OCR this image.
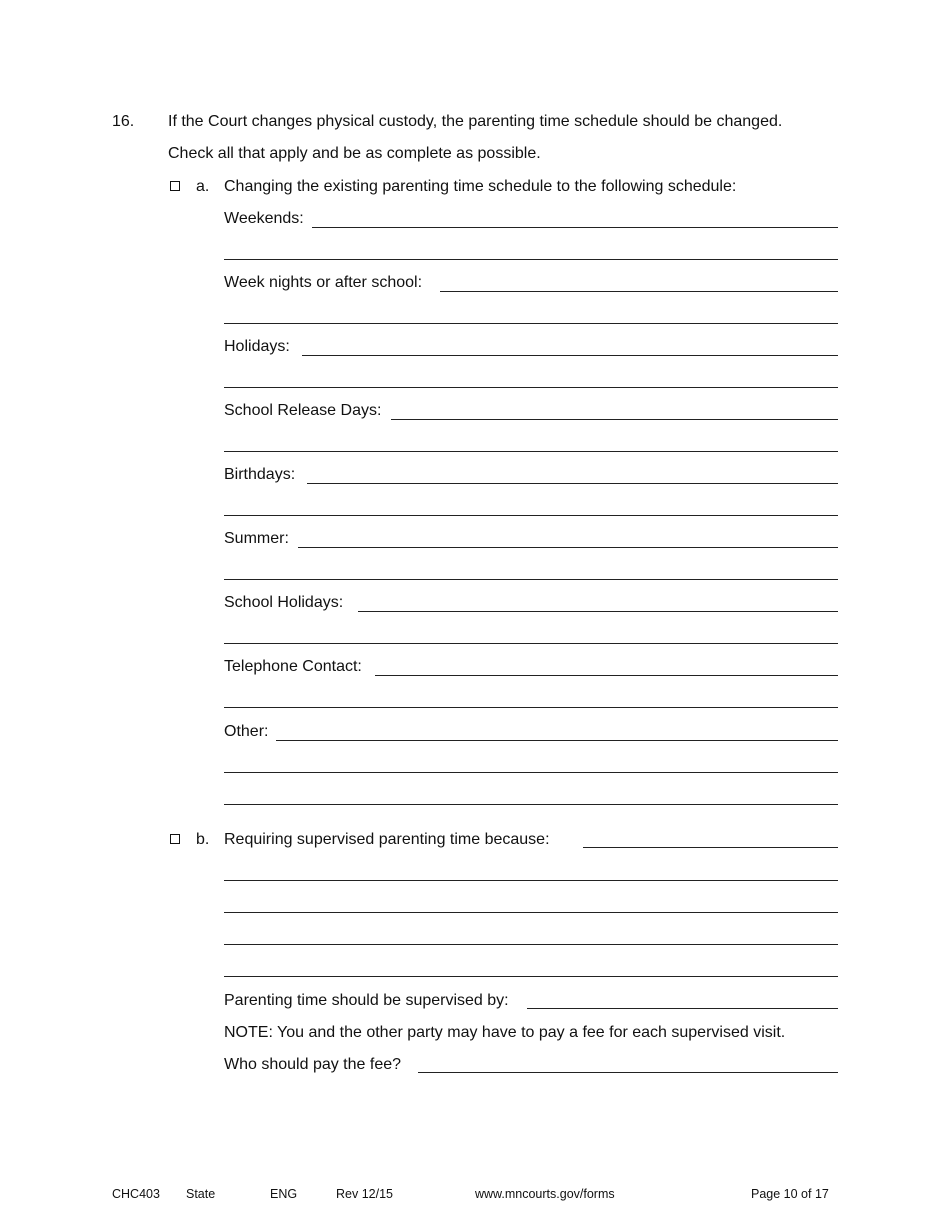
16. If the Court changes physical custody, the parenting time schedule should be changed.
Check all that apply and be as complete as possible.
a. Changing the existing parenting time schedule to the following schedule:
Weekends:
Week nights or after school:
Holidays:
School Release Days:
Birthdays:
Summer:
School Holidays:
Telephone Contact:
Other:
b. Requiring supervised parenting time because:
Parenting time should be supervised by:
NOTE: You and the other party may have to pay a fee for each supervised visit.
Who should pay the fee?
CHC403 State	ENG	Rev 12/15	www.mncourts.gov/forms	Page 10 of 17
